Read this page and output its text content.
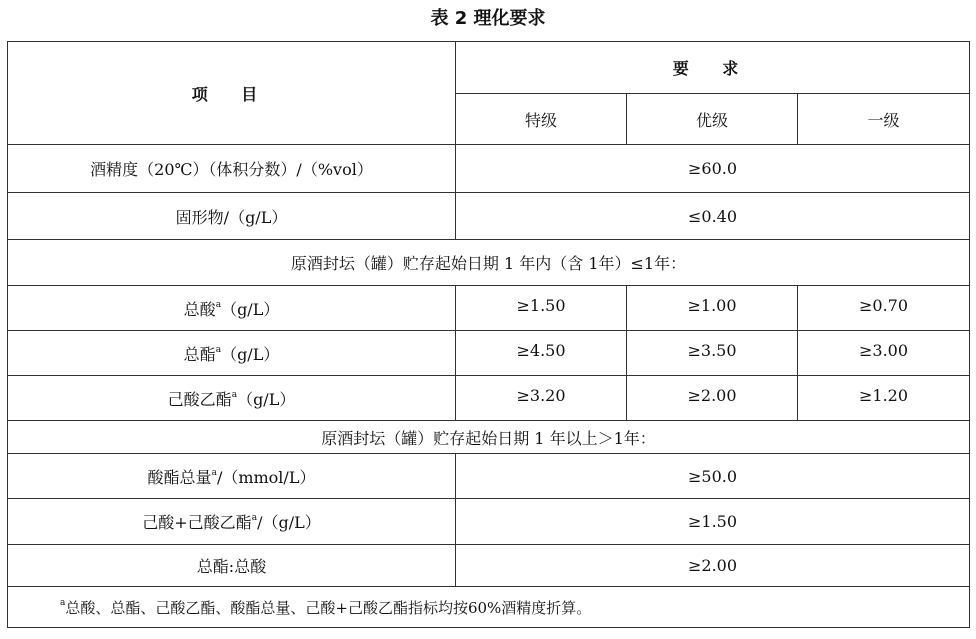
表 2 理化要求
项 目	要 求		
	特级	优级	一级
酒精度（20℃）（体积分数）/（%vol）	≥60.0		
固形物/（g/L）	≤0.40		
原酒封坛（罐）贮存起始日期 1 年内（含 1年）≤1年：			
总酸$^a$（g/L）	≥1.50	≥1.00	≥0.70
总酯$^a$（g/L）	≥4.50	≥3.50	≥3.00
己酸乙酯$^a$（g/L）	≥3.20	≥2.00	≥1.20
原酒封坛（罐）贮存起始日期 1 年以上＞1年：			
酸酯总量$^a$/（mmol/L）	≥50.0		
己酸+己酸乙酯$^a$/（g/L）	≥1.50		
总酯:总酸	≥2.00		
$^a$总酸、总酯、己酸乙酯、酸酯总量、己酸+己酸乙酯指标均按60%酒精度折算。			
